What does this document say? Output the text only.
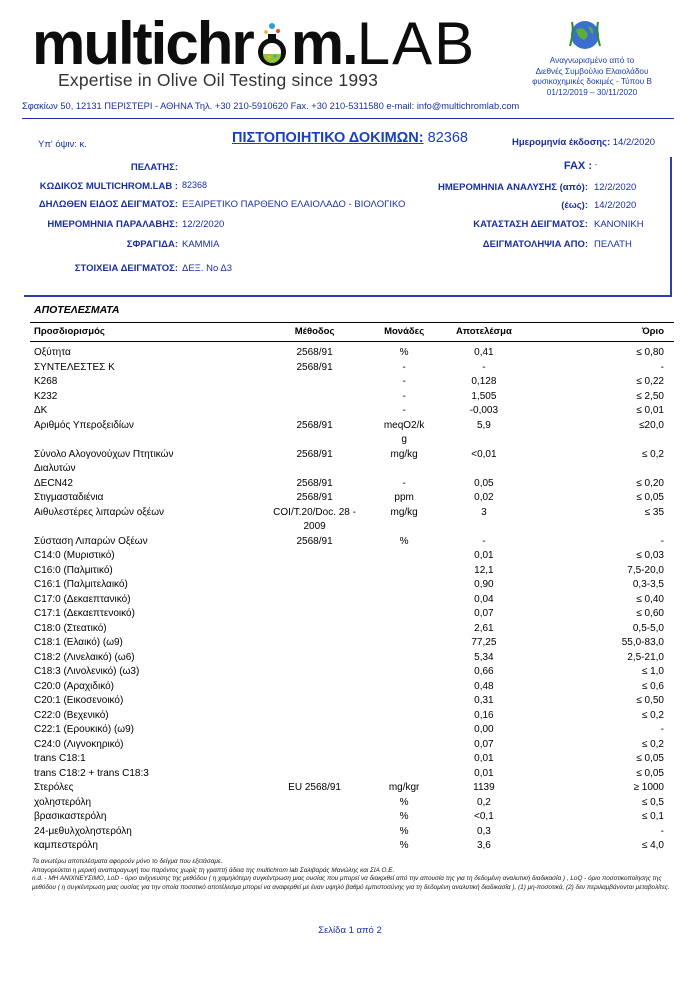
multichr m.LAB
Expertise in Olive Oil Testing since 1993
Αναγνωρισμένο από το
Διεθνές Συμβούλιο Ελαιολάδου
φυσικοχημικές δοκιμές - Τύπου Β
01/12/2019 – 30/11/2020
Σφακίων 50, 12131 ΠΕΡΙΣΤΕΡΙ - ΑΘΗΝΑ Τηλ. +30 210-5910620 Fax. +30 210-5311580 e-mail: info@multichromlab.com
Υπ' όψιν: κ.	ΠΙΣΤΟΠΟΙΗΤΙΚΟ ΔΟΚΙΜΩΝ: 82368	Ημερομηνία έκδοσης: 14/2/2020
ΠΕΛΑΤΗΣ:	FAX : -
ΚΩΔΙΚΟΣ MULTICHROM.LAB : 82368	ΗΜΕΡΟΜΗΝΙΑ ΑΝΑΛΥΣΗΣ (από): 12/2/2020
ΔΗΛΩΘΕΝ ΕΙΔΟΣ ΔΕΙΓΜΑΤΟΣ: ΕΞΑΙΡΕΤΙΚΟ ΠΑΡΘΕΝΟ ΕΛΑΙΟΛΑΔΟ - ΒΙΟΛΟΓΙΚΟ	(έως): 14/2/2020
ΗΜΕΡΟΜΗΝΙΑ ΠΑΡΑΛΑΒΗΣ: 12/2/2020	ΚΑΤΑΣΤΑΣΗ ΔΕΙΓΜΑΤΟΣ: ΚΑΝΟΝΙΚΗ
ΣΦΡΑΓΙΔΑ: ΚΑΜΜΙΑ	ΔΕΙΓΜΑΤΟΛΗΨΙΑ ΑΠΟ: ΠΕΛΑΤΗ
ΣΤΟΙΧΕΙΑ ΔΕΙΓΜΑΤΟΣ: ΔΕΞ. Νο Δ3
ΑΠΟΤΕΛΕΣΜΑΤΑ
Προσδιορισμός	Μέθοδος	Μονάδες	Αποτελέσμα	Όριο
Οξύτητα	2568/91	%	0,41	≤ 0,80
ΣΥΝΤΕΛΕΣΤΕΣ Κ	2568/91	-	-	-
K268		-	0,128	≤ 0,22
K232		-	1,505	≤ 2,50
ΔΚ		-	-0,003	≤ 0,01
Αριθμός Υπεροξειδίων	2568/91	meqO2/k
g	5,9	≤20,0
Σύνολο Αλογονούχων Πτητικών
Διαλυτών	2568/91	mg/kg	<0,01	≤ 0,2
ΔECN42	2568/91	-	0,05	≤ 0,20
Στιγμασταδιένια	2568/91	ppm	0,02	≤ 0,05
Αιθυλεστέρες λιπαρών οξέων	COI/T.20/Doc. 28 -
2009	mg/kg	3	≤ 35
Σύσταση Λιπαρών Οξέων	2568/91	%	-	-
C14:0 (Μυριστικό)			0,01	≤ 0,03
C16:0 (Παλμιτικό)			12,1	7,5-20,0
C16:1 (Παλμιτελαικό)			0,90	0,3-3,5
C17:0 (Δεκαεπτανικό)			0,04	≤ 0,40
C17:1 (Δεκαεπτενοικό)			0,07	≤ 0,60
C18:0 (Στεατικό)			2,61	0,5-5,0
C18:1 (Ελαικό) (ω9)			77,25	55,0-83,0
C18:2 (Λινελαικό) (ω6)			5,34	2,5-21,0
C18:3 (Λινολενικό) (ω3)			0,66	≤ 1,0
C20:0 (Αραχιδικό)			0,48	≤ 0,6
C20:1 (Εικοσενοικό)			0,31	≤ 0,50
C22:0 (Βεχενικό)			0,16	≤ 0,2
C22:1 (Ερουκικό) (ω9)			0,00	-
C24:0 (Λιγνοκηρικό)			0,07	≤ 0,2
trans C18:1			0,01	≤ 0,05
trans C18:2 + trans C18:3			0,01	≤ 0,05
Στερόλες	EU 2568/91	mg/kgr	1139	≥ 1000
χοληστερόλη		%	0,2	≤ 0,5
βρασικαστερόλη		%	<0,1	≤ 0,1
24-μεθυλχοληστερόλη		%	0,3	-
καμπεστερόλη		%	3,6	≤ 4,0
Τα ανωτέρω αποτελέσματα αφορούν μόνο το δείγμα που εξετάσαμε.
Απαγορεύεται η μερική αναπαραγωγή του παρόντος χωρίς τη γραπτή άδεια της multichrom lab Σαλιβαράς Μανώλης και ΣΙΑ Ο.Ε.
n.d. - ΜΗ ΑΝΙΧΝΕΥΣΙΜΟ, LoD - όριο ανίχνευσης της μεθόδου ( η χαμηλότερη συγκέντρωση μιας ουσίας που μπορεί να διακριθεί από την απουσία της για τη δεδομένη αναλυτική διαδικασία ) , LoQ - όριο ποσοτικοποίησης της μεθόδου ( η συγκέντρωση μιας ουσίας για την οποία ποσοτικό αποτέλεσμα μπορεί να αναφερθεί με έναν υψηλό βαθμό εμπιστοσύνης για τη δεδομένη αναλυτική διαδικασία ), (1) μη-ποσοτικά, (2) δεν περιλαμβάνονται μεταβολίτες.
Σελίδα 1 από 2
